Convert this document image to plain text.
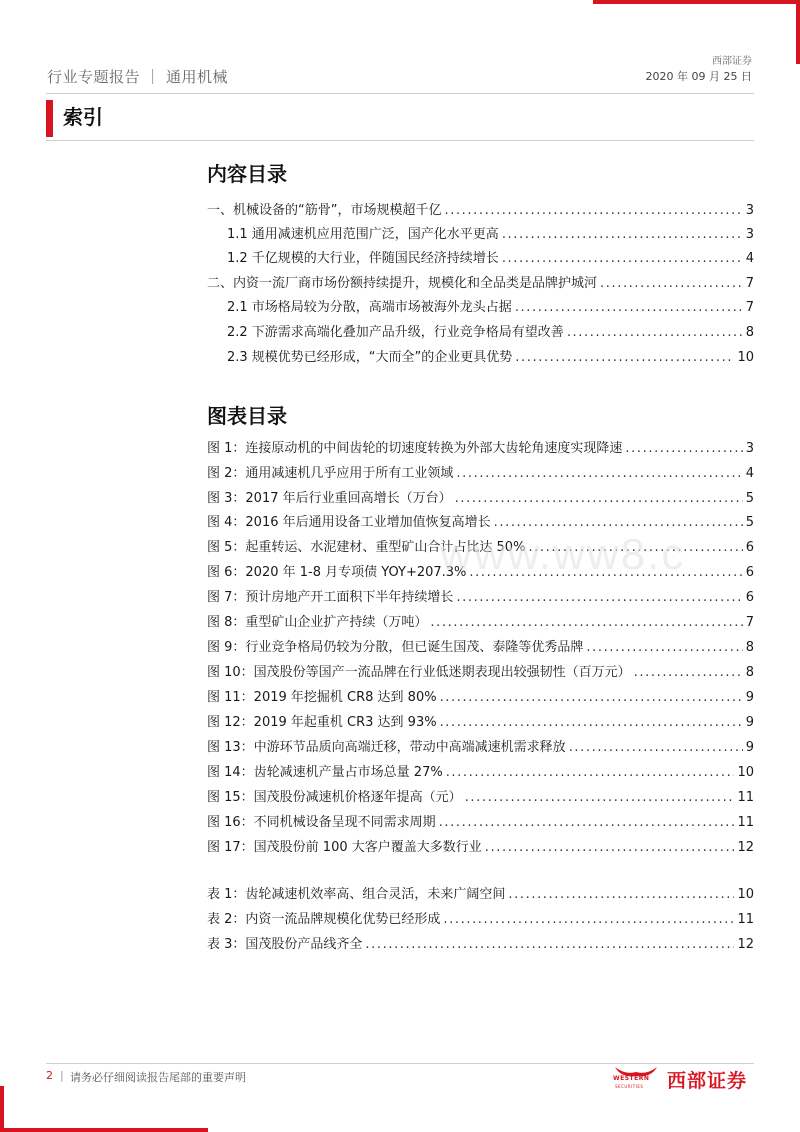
西部证券
2020 年 09 月 25 日
行业专题报告 ｜ 通用机械
索引
内容目录
一、机械设备的“筋骨”，市场规模超千亿 .....	3
1.1 通用减速机应用范围广泛，国产化水平更高 .....	3
1.2 千亿规模的大行业，伴随国民经济持续增长 .....	4
二、内资一流厂商市场份额持续提升，规模化和全品类是品牌护城河 .....	7
2.1 市场格局较为分散，高端市场被海外龙头占据 .....	7
2.2 下游需求高端化叠加产品升级，行业竞争格局有望改善 .....	8
2.3 规模优势已经形成，“大而全”的企业更具优势 .....	10
图表目录
图 1：连接原动机的中间齿轮的切速度转换为外部大齿轮角速度实现降速 .....	3
图 2：通用减速机几乎应用于所有工业领域 .....	4
图 3：2017 年后行业重回高增长（万台） .....	5
图 4：2016 年后通用设备工业增加值恢复高增长 .....	5
图 5：起重转运、水泥建材、重型矿山合计占比达 50% .....	6
图 6：2020 年 1-8 月专项债 YOY+207.3% .....	6
图 7：预计房地产开工面积下半年持续增长 .....	6
图 8：重型矿山企业扩产持续（万吨） .....	7
图 9：行业竞争格局仍较为分散，但已诞生国茂、泰隆等优秀品牌 .....	8
图 10：国茂股份等国产一流品牌在行业低迷期表现出较强韧性（百万元） .....	8
图 11：2019 年挖掘机 CR8 达到 80% .....	9
图 12：2019 年起重机 CR3 达到 93% .....	9
图 13：中游环节品质向高端迁移，带动中高端减速机需求释放 .....	9
图 14：齿轮减速机产量占市场总量 27% .....	10
图 15：国茂股份减速机价格逐年提高（元） .....	11
图 16：不同机械设备呈现不同需求周期 .....	11
图 17：国茂股份前 100 大客户覆盖大多数行业 .....	12
表 1：齿轮减速机效率高、组合灵活，未来广阔空间 .....	10
表 2：内资一流品牌规模化优势已经形成 .....	11
表 3：国茂股份产品线齐全 .....	12
www.ww8.c
2 | 请务必仔细阅读报告尾部的重要声明	WESTERN
SECURITIES 西部证券
